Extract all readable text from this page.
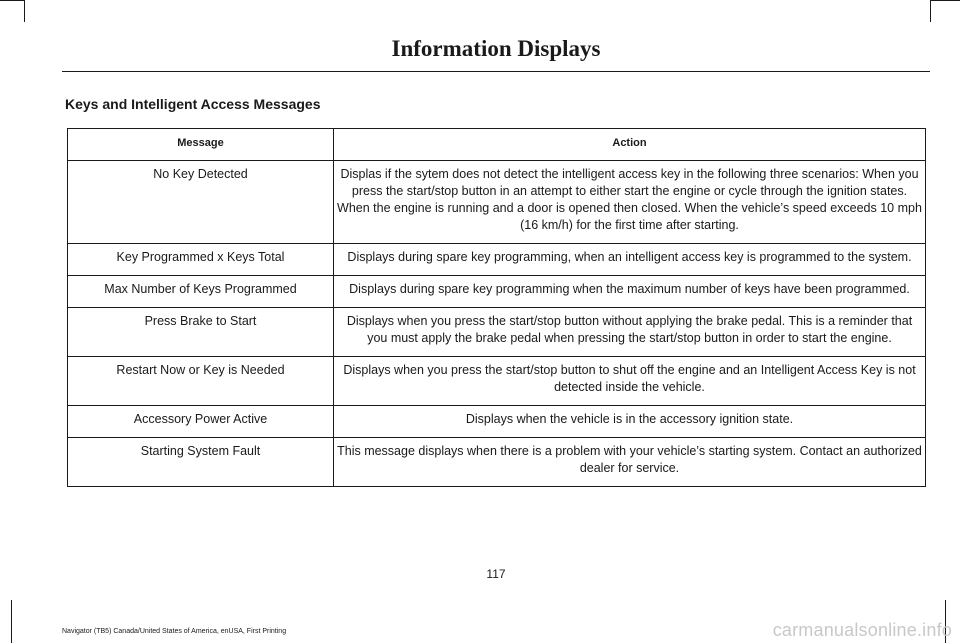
Information Displays
Keys and Intelligent Access Messages
Message	Action
No Key Detected	Displas if the sytem does not detect the intelligent access key in the following three scenarios: When you press the start/stop button in an attempt to either start the engine or cycle through the ignition states. When the engine is running and a door is opened then closed. When the vehicle’s speed exceeds 10 mph (16 km/h) for the first time after starting.
Key Programmed x Keys Total	Displays during spare key programming, when an intelligent access key is programmed to the system.
Max Number of Keys Programmed	Displays during spare key programming when the maximum number of keys have been programmed.
Press Brake to Start	Displays when you press the start/stop button without applying the brake pedal. This is a reminder that you must apply the brake pedal when pressing the start/stop button in order to start the engine.
Restart Now or Key is Needed	Displays when you press the start/stop button to shut off the engine and an Intelligent Access Key is not detected inside the vehicle.
Accessory Power Active	Displays when the vehicle is in the accessory ignition state.
Starting System Fault	This message displays when there is a problem with your vehicle’s starting system. Contact an authorized dealer for service.
117
Navigator (TB5) Canada/United States of America, enUSA, First Printing	carmanualsonline.info
